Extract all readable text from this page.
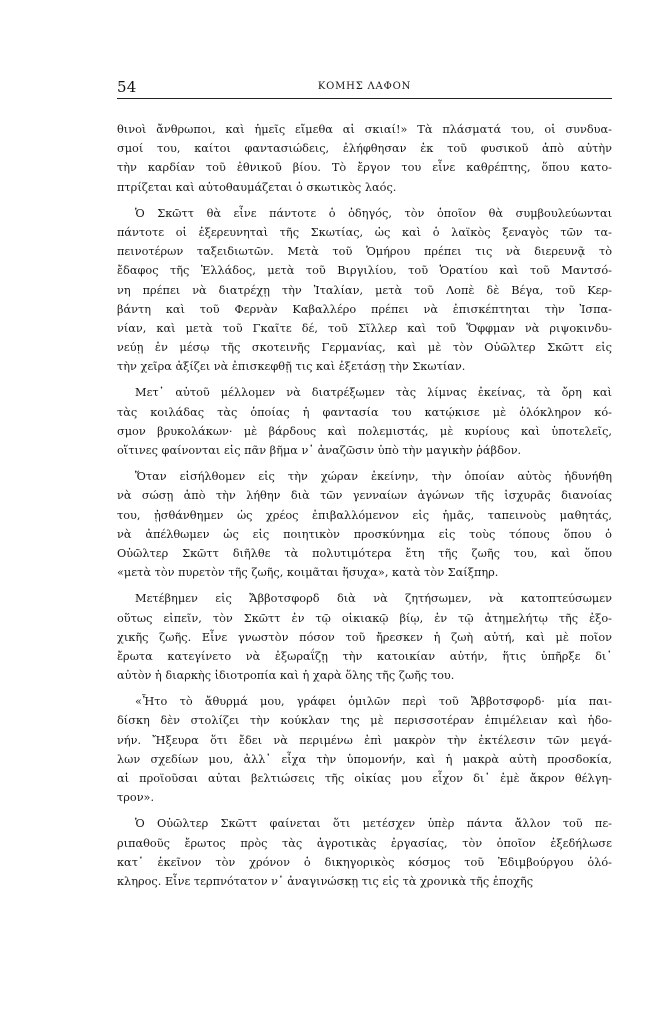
54	ΚΟΜΗΣ ΛΑΦΟΝ
θινοὶ ἄνθρωποι, καὶ ἡμεῖς εἴμεθα αἱ σκιαί!» Τὰ πλάσματά του, οἱ συνδυα-
σμοί του, καίτοι φαντασιώδεις, ἐλήφθησαν ἐκ τοῦ φυσικοῦ ἀπὸ αὐτὴν
τὴν καρδίαν τοῦ ἐθνικοῦ βίου. Τὸ ἔργον του εἶνε καθρέπτης, ὅπου κατο-
πτρίζεται καὶ αὐτοθαυμάζεται ὁ σκωτικὸς λαός.
Ὁ Σκῶττ θὰ εἶνε πάντοτε ὁ ὁδηγός, τὸν ὁποῖον θὰ συμβουλεύωνται
πάντοτε οἱ ἐξερευνηταὶ τῆς Σκωτίας, ὡς καὶ ὁ λαϊκὸς ξεναγὸς τῶν τα-
πεινοτέρων ταξειδιωτῶν. Μετὰ τοῦ Ὁμήρου πρέπει τις νὰ διερευνᾷ τὸ
ἔδαφος τῆς Ἑλλάδος, μετὰ τοῦ Βιργιλίου, τοῦ Ὁρατίου καὶ τοῦ Μαντσό-
νη πρέπει νὰ διατρέχῃ τὴν Ἰταλίαν, μετὰ τοῦ Λοπὲ δὲ Βέγα, τοῦ Κερ-
βάντη καὶ τοῦ Φερνὰν Καβαλλέρο πρέπει νὰ ἐπισκέπτηται τὴν Ἰσπα-
νίαν, καὶ μετὰ τοῦ Γκαῖτε δέ, τοῦ Σῖλλερ καὶ τοῦ Ὅφφμαν νὰ ριψοκινδυ-
νεύῃ ἐν μέσῳ τῆς σκοτεινῆς Γερμανίας, καὶ μὲ τὸν Οὐῶλτερ Σκῶττ εἰς
τὴν χεῖρα ἀξίζει νὰ ἐπισκεφθῇ τις καὶ ἐξετάσῃ τὴν Σκωτίαν.
Μετ᾿ αὐτοῦ μέλλομεν νὰ διατρέξωμεν τὰς λίμνας ἐκείνας, τὰ ὄρη καὶ
τὰς κοιλάδας τὰς ὁποίας ἡ φαντασία του κατῴκισε μὲ ὁλόκληρον κό-
σμον βρυκολάκων· μὲ βάρδους καὶ πολεμιστάς, μὲ κυρίους καὶ ὑποτελεῖς,
οἵτινες φαίνονται εἰς πᾶν βῆμα ν᾿ ἀναζῶσιν ὑπὸ τὴν μαγικὴν ῥάβδον.
Ὅταν εἰσήλθομεν εἰς τὴν χώραν ἐκείνην, τὴν ὁποίαν αὐτὸς ἠδυνήθη
νὰ σώσῃ ἀπὸ τὴν λήθην διὰ τῶν γενναίων ἀγώνων τῆς ἰσχυρᾶς διανοίας
του, ᾐσθάνθημεν ὡς χρέος ἐπιβαλλόμενον εἰς ἡμᾶς, ταπεινοὺς μαθητάς,
νὰ ἀπέλθωμεν ὡς εἰς ποιητικὸν προσκύνημα εἰς τοὺς τόπους ὅπου ὁ
Οὐῶλτερ Σκῶττ διῆλθε τὰ πολυτιμότερα ἔτη τῆς ζωῆς του, καὶ ὅπου
«μετὰ τὸν πυρετὸν τῆς ζωῆς, κοιμᾶται ἥσυχα», κατὰ τὸν Σαίξπηρ.
Μετέβημεν εἰς Ἄββοτσφορδ διὰ νὰ ζητήσωμεν, νὰ κατοπτεύσωμεν
οὕτως εἰπεῖν, τὸν Σκῶττ ἐν τῷ οἰκιακῷ βίῳ, ἐν τῷ ἀτημελήτῳ τῆς ἐξο-
χικῆς ζωῆς. Εἶνε γνωστὸν πόσον τοῦ ἤρεσκεν ἡ ζωὴ αὐτή, καὶ μὲ ποῖον
ἔρωτα κατεγίνετο νὰ ἐξωραΐζῃ τὴν κατοικίαν αὐτήν, ἥτις ὑπῆρξε δι᾿
αὐτὸν ἡ διαρκὴς ἰδιοτροπία καὶ ἡ χαρὰ ὅλης τῆς ζωῆς του.
«Ἦτο τὸ ἄθυρμά μου, γράφει ὁμιλῶν περὶ τοῦ Ἄββοτσφορδ· μία παι-
δίσκη δὲν στολίζει τὴν κούκλαν της μὲ περισσοτέραν ἐπιμέλειαν καὶ ἡδο-
νήν. Ἤξευρα ὅτι ἔδει νὰ περιμένω ἐπὶ μακρὸν τὴν ἐκτέλεσιν τῶν μεγά-
λων σχεδίων μου, ἀλλ᾿ εἶχα τὴν ὑπομονήν, καὶ ἡ μακρὰ αὐτὴ προσδοκία,
αἱ προϊοῦσαι αὐται βελτιώσεις τῆς οἰκίας μου εἶχον δι᾿ ἐμὲ ἄκρον θέλγη-
τρον».
Ὁ Οὐῶλτερ Σκῶττ φαίνεται ὅτι μετέσχεν ὑπὲρ πάντα ἄλλον τοῦ πε-
ριπαθοῦς ἔρωτος πρὸς τὰς ἀγροτικὰς ἐργασίας, τὸν ὁποῖον ἐξεδήλωσε
κατ᾿ ἐκεῖνον τὸν χρόνον ὁ δικηγορικὸς κόσμος τοῦ Ἐδιμβούργου ὁλό-
κληρος. Εἶνε τερπνότατον ν᾿ ἀναγινώσκῃ τις εἰς τὰ χρονικὰ τῆς ἐποχῆς
